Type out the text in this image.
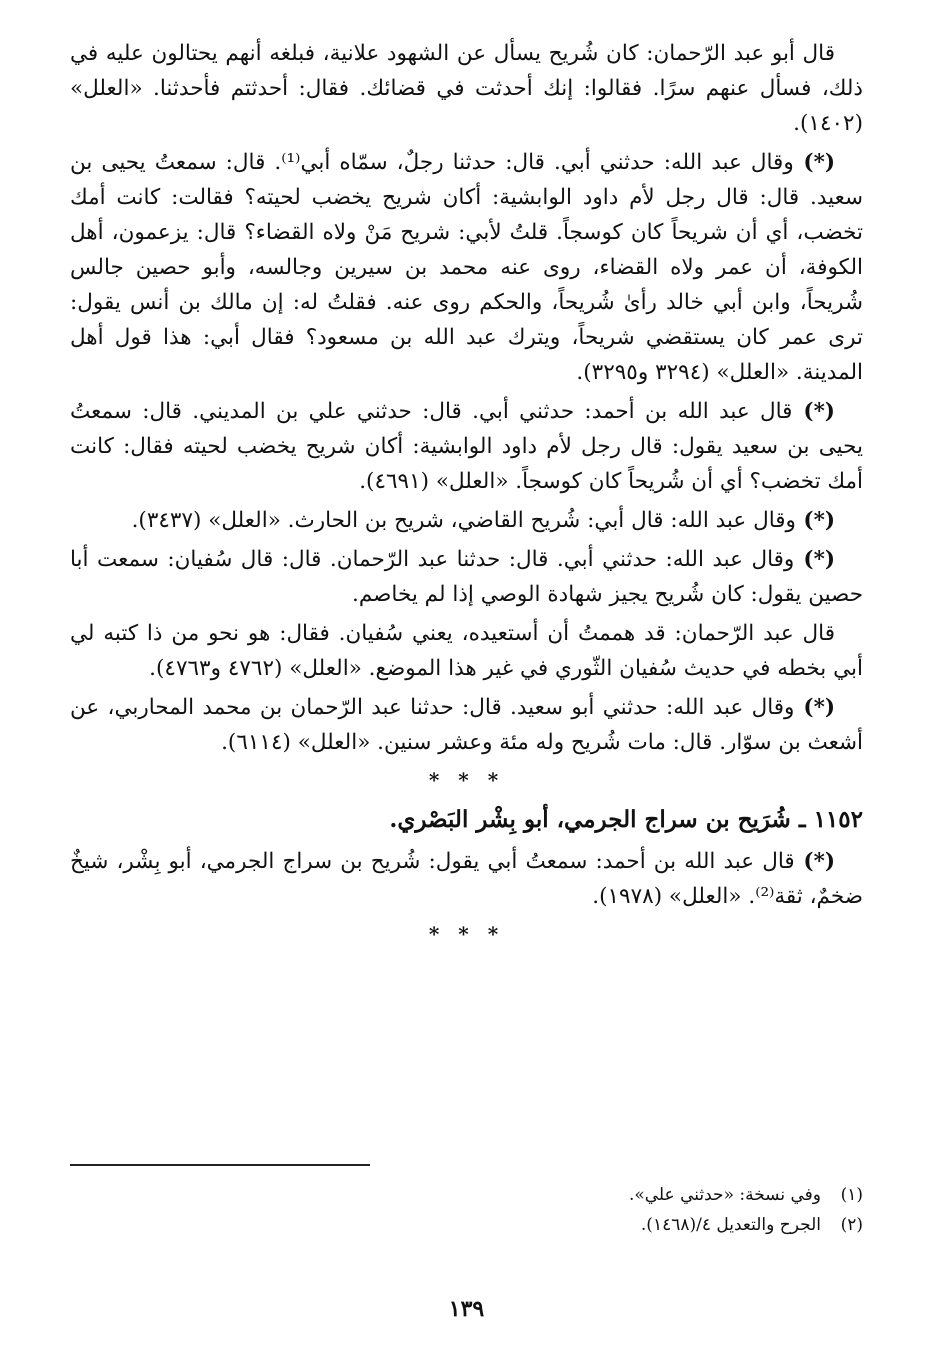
قال أبو عبد الرّحمان: كان شُريح يسأل عن الشهود علانية، فبلغه أنهم يحتالون عليه في ذلك، فسأل عنهم سرًا. فقالوا: إنك أحدثت في قضائك. فقال: أحدثتم فأحدثنا. «العلل» (١٤٠٢).

(*) وقال عبد الله: حدثني أبي. قال: حدثنا رجلٌ، سمّاه أبي⁽¹⁾. قال: سمعتُ يحيى بن سعيد. قال: قال رجل لأم داود الوابشية: أكان شريح يخضب لحيته؟ فقالت: كانت أمك تخضب، أي أن شريحاً كان كوسجاً. قلتُ لأبي: شريح مَنْ ولاه القضاء؟ قال: يزعمون، أهل الكوفة، أن عمر ولاه القضاء، روى عنه محمد بن سيرين وجالسه، وأبو حصين جالس شُريحاً، وابن أبي خالد رأىٰ شُريحاً، والحكم روى عنه. فقلتُ له: إن مالك بن أنس يقول: ترى عمر كان يستقضي شريحاً، ويترك عبد الله بن مسعود؟ فقال أبي: هذا قول أهل المدينة. «العلل» (٣٢٩٤ و٣٢٩٥).

(*) قال عبد الله بن أحمد: حدثني أبي. قال: حدثني علي بن المديني. قال: سمعتُ يحيى بن سعيد يقول: قال رجل لأم داود الوابشية: أكان شريح يخضب لحيته فقال: كانت أمك تخضب؟ أي أن شُريحاً كان كوسجاً. «العلل» (٤٦٩١).

(*) وقال عبد الله: قال أبي: شُريح القاضي، شريح بن الحارث. «العلل» (٣٤٣٧).

(*) وقال عبد الله: حدثني أبي. قال: حدثنا عبد الرّحمان. قال: قال سُفيان: سمعت أبا حصين يقول: كان شُريح يجيز شهادة الوصي إذا لم يخاصم.

قال عبد الرّحمان: قد هممتُ أن أستعيده، يعني سُفيان. فقال: هو نحو من ذا كتبه لي أبي بخطه في حديث سُفيان الثّوري في غير هذا الموضع. «العلل» (٤٧٦٢ و٤٧٦٣).

(*) وقال عبد الله: حدثني أبو سعيد. قال: حدثنا عبد الرّحمان بن محمد المحاربي، عن أشعث بن سوّار. قال: مات شُريح وله مئة وعشر سنين. «العلل» (٦١١٤).

* * *
١١٥٢ ـ شُرَيح بن سراج الجرمي، أبو بِشْر البَصْري.

(*) قال عبد الله بن أحمد: سمعتُ أبي يقول: شُريح بن سراج الجرمي، أبو بِشْر، شيخٌ ضخمٌ، ثقة⁽²⁾. «العلل» (١٩٧٨).

* * *

(١)وفي نسخة: «حدثني علي».

(٢)الجرح والتعديل ٤/(١٤٦٨).

١٣٩
